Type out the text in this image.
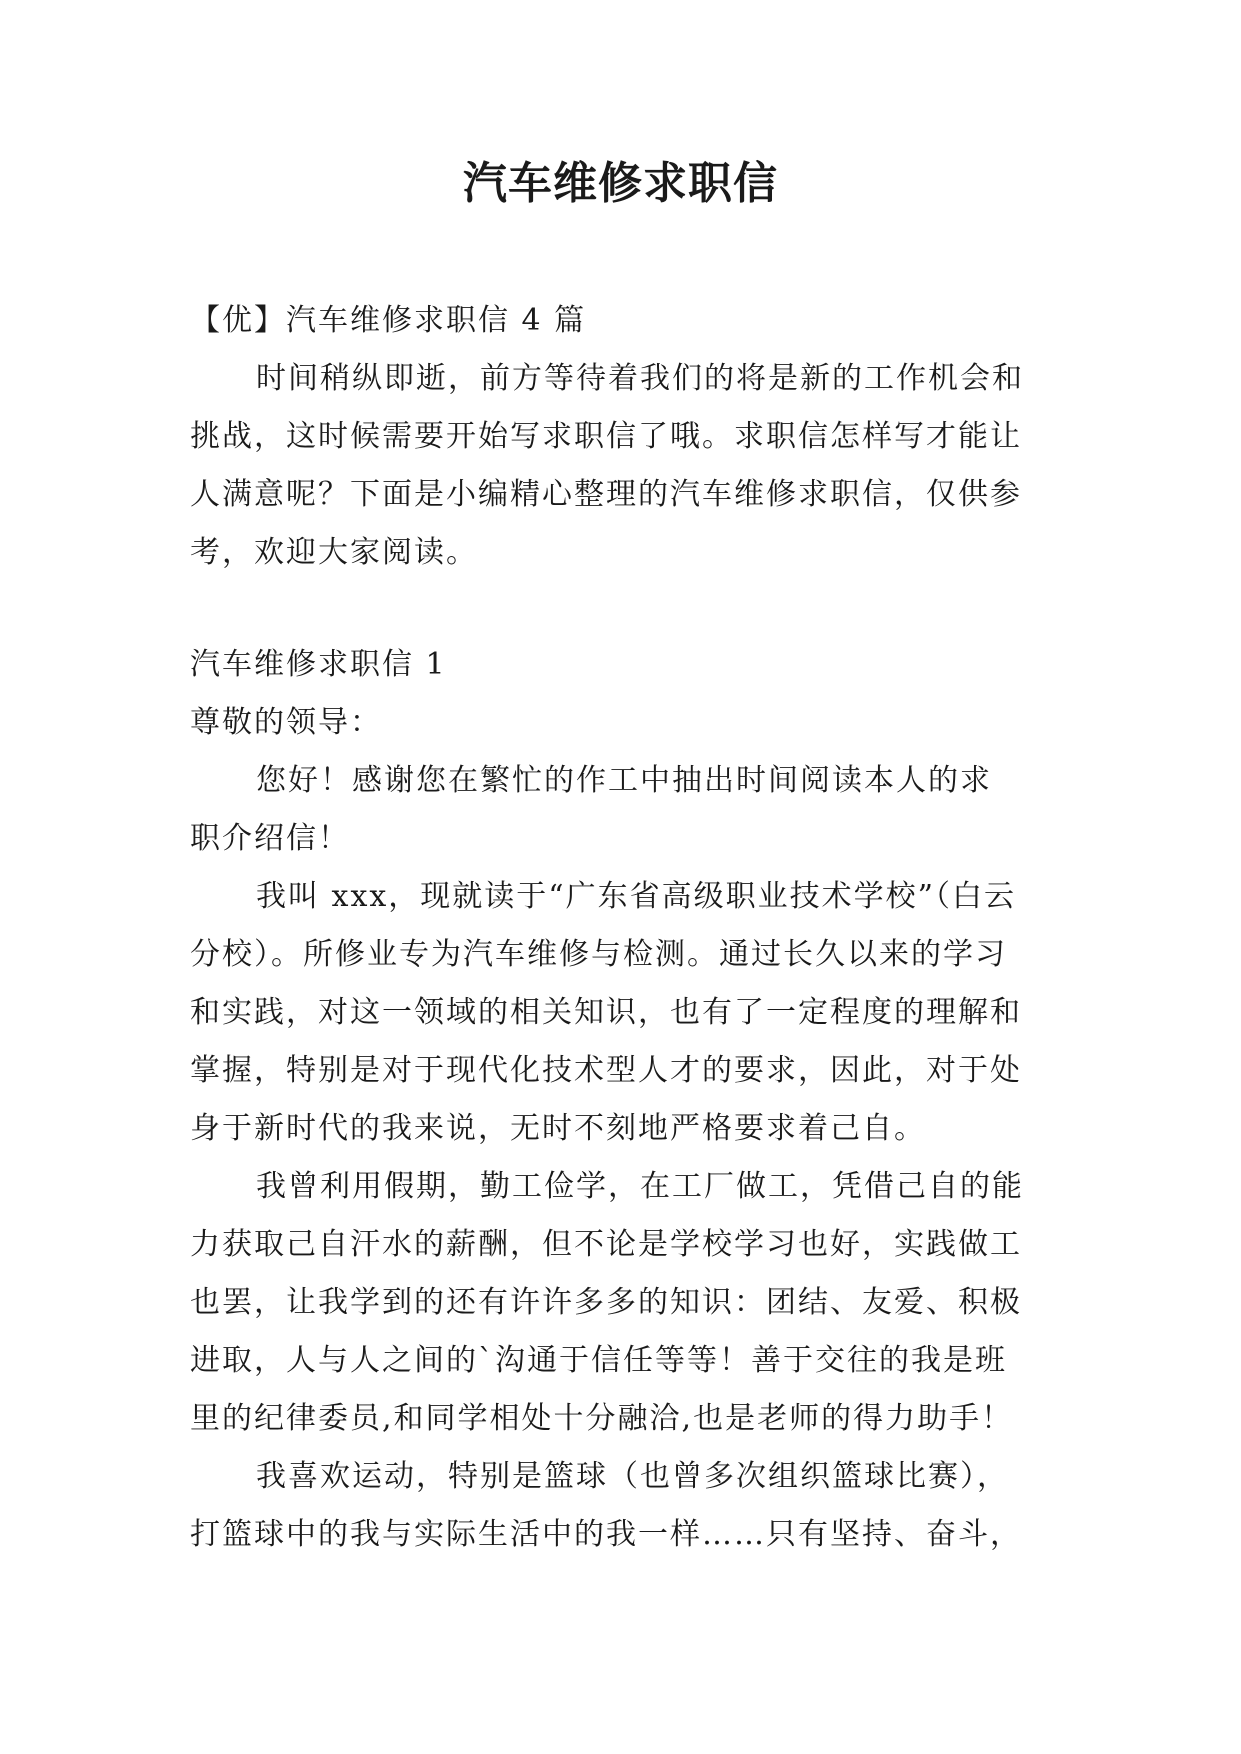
汽车维修求职信
【优】汽车维修求职信 4 篇
时间稍纵即逝，前方等待着我们的将是新的工作机会和
挑战，这时候需要开始写求职信了哦。求职信怎样写才能让
人满意呢？下面是小编精心整理的汽车维修求职信，仅供参
考，欢迎大家阅读。
汽车维修求职信 1
尊敬的领导：
您好！感谢您在繁忙的作工中抽出时间阅读本人的求
职介绍信！
我叫 xxx，现就读于“广东省高级职业技术学校”（白云
分校）。所修业专为汽车维修与检测。通过长久以来的学习
和实践，对这一领域的相关知识，也有了一定程度的理解和
掌握，特别是对于现代化技术型人才的要求，因此，对于处
身于新时代的我来说，无时不刻地严格要求着己自。
我曾利用假期，勤工俭学，在工厂做工，凭借己自的能
力获取己自汗水的薪酬，但不论是学校学习也好，实践做工
也罢，让我学到的还有许许多多的知识：团结、友爱、积极
进取，人与人之间的`沟通于信任等等！善于交往的我是班
里的纪律委员,和同学相处十分融洽,也是老师的得力助手！
我喜欢运动，特别是篮球（也曾多次组织篮球比赛），
打篮球中的我与实际生活中的我一样……只有坚持、奋斗，
